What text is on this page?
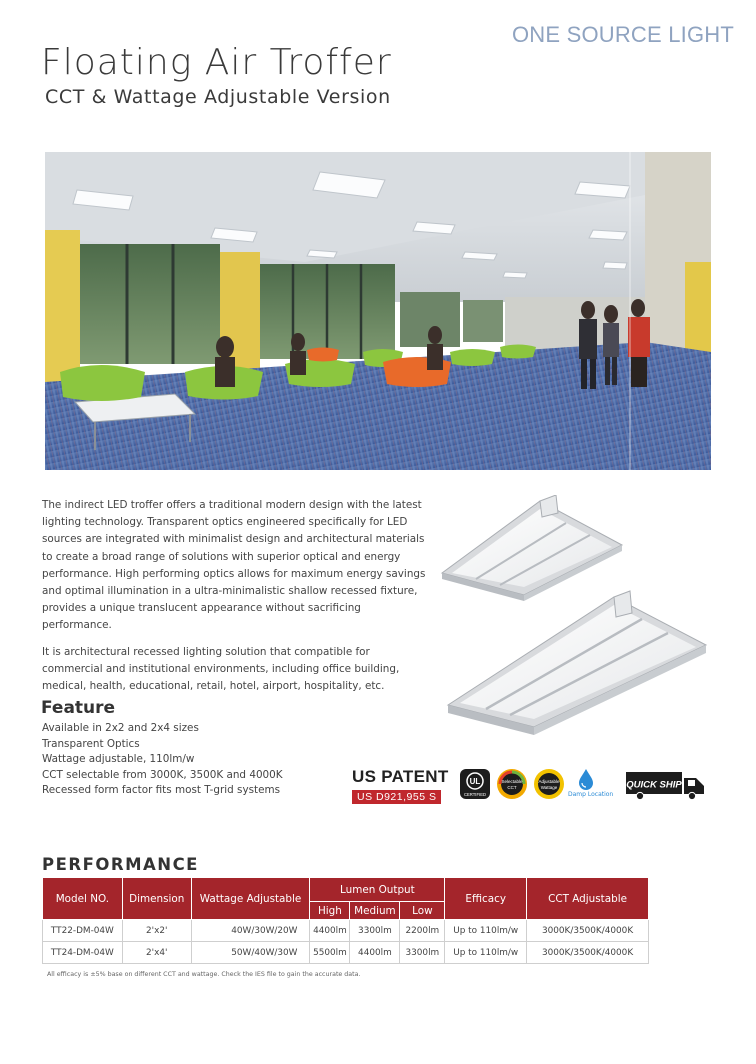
ONE SOURCE LIGHT
Floating Air Troffer
CCT & Wattage Adjustable Version

The indirect LED troffer offers a traditional modern design with the latest lighting technology. Transparent optics engineered specifically for LED sources are integrated with minimalist design and architectural materials to create a broad range of solutions with superior optical and energy performance. High performing optics allows for maximum energy savings and optimal illumination in a ultra-minimalistic shallow recessed fixture, provides a unique translucent appearance without sacrificing performance.

It is architectural recessed lighting solution that compatible for commercial and institutional environments, including office building, medical, health, educational, retail, hotel, airport, hospitality, etc.

Feature
Available in 2x2 and 2x4 sizes
Transparent Optics
Wattage adjustable, 110lm/w
CCT selectable from 3000K, 3500K and 4000K
Recessed form factor fits most T-grid systems
US PATENT
US D921,955 S
UL
CERTIFIED
Selectable
CCT
Adjustable
Wattage
Damp Location
QUICK SHIP
PERFORMANCE
Model NO.	Dimension	Wattage Adjustable	Lumen Output			Efficacy	CCT Adjustable
			High	Medium	Low		
TT22-DM-04W	2'x2'	40W/30W/20W	4400lm	3300lm	2200lm	Up to 110lm/w	3000K/3500K/4000K
TT24-DM-04W	2'x4'	50W/40W/30W	5500lm	4400lm	3300lm	Up to 110lm/w	3000K/3500K/4000K
All efficacy is ±5% base on different CCT and wattage. Check the IES file to gain the accurate data.
